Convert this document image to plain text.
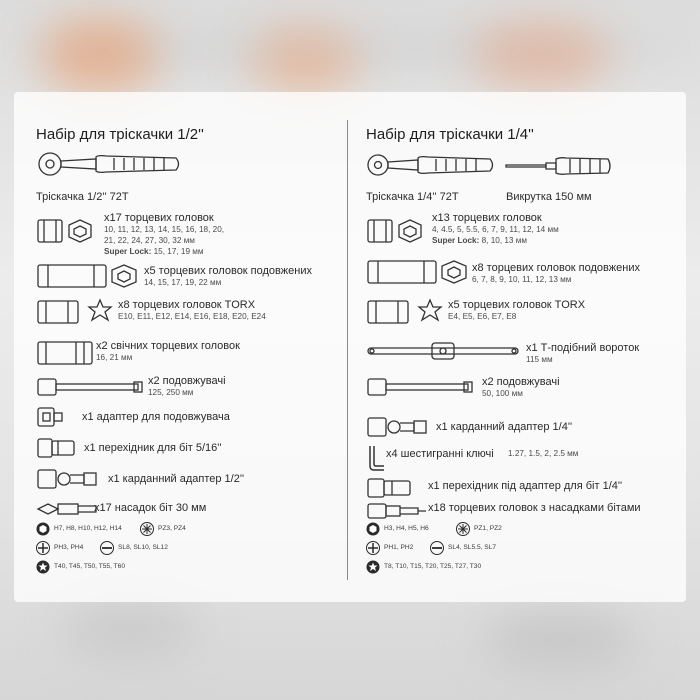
Набір для тріскачки 1/2''
Тріскачка 1/2'' 72T
x17 торцевих головок
10, 11, 12, 13, 14, 15, 16, 18, 20,
21, 22, 24, 27, 30, 32 мм
Super Lock: 15, 17, 19 мм
x5 торцевих головок подовжених
14, 15, 17, 19, 22 мм
x8 торцевих головок TORX
E10, E11, E12, E14, E16, E18, E20, E24
x2 свічних торцевих головок
16, 21 мм
x2 подовжувачі
125, 250 мм
x1 адаптер для подовжувача
x1 перехідник для біт 5/16''
x1 карданний адаптер 1/2''
x17 насадок біт 30 мм
H7, H8, H10, H12, H14	PZ3, PZ4
PH3, PH4	SL8, SL10, SL12
T40, T45, T50, T55, T60
Набір для тріскачки 1/4''
Тріскачка 1/4'' 72T	Викрутка 150 мм
x13 торцевих головок
4, 4.5, 5, 5.5, 6, 7, 9, 11, 12, 14 мм
Super Lock: 8, 10, 13 мм
x8 торцевих головок подовжених
6, 7, 8, 9, 10, 11, 12, 13 мм
x5 торцевих головок TORX
E4, E5, E6, E7, E8
x1 Т-подібний вороток
115 мм
x2 подовжувачі
50, 100 мм
x1 карданний адаптер 1/4''
x4 шестигранні ключі 1.27, 1.5, 2, 2.5 мм
x1 перехідник під адаптер для біт 1/4''
x18 торцевих головок з насадками бітами
H3, H4, H5, H6	PZ1, PZ2
PH1, PH2	SL4, SL5.5, SL7
T8, T10, T15, T20, T25, T27, T30
